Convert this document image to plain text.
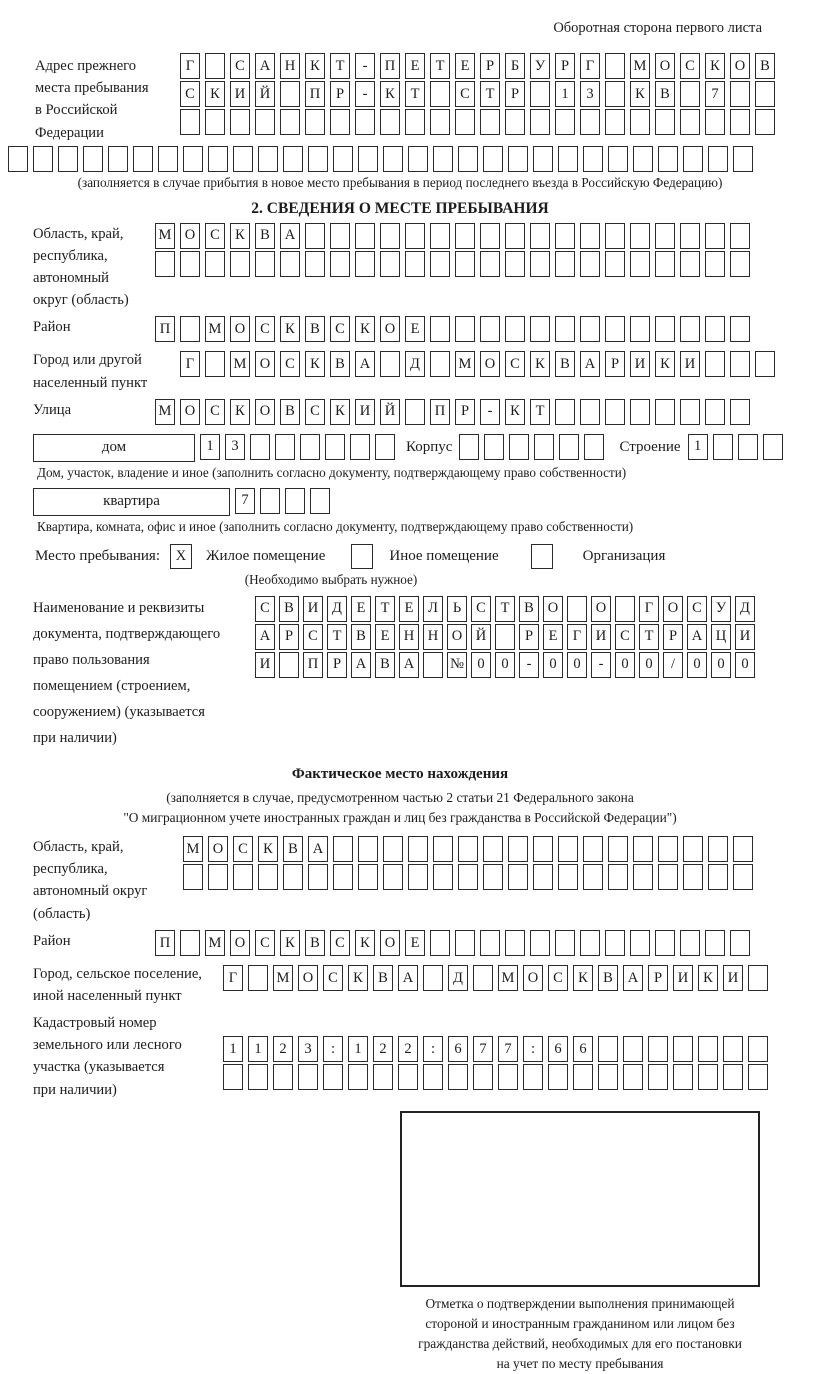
Оборотная сторона первого листа
Адрес прежнего
места пребывания
в Российской
Федерации
Г	С	А	Н	К	Т	-	П	Е	Т	Е	Р	Б	У	Р	Г	М О	С	К	О	В
С	К	И	Й	П	Р	-	К	Т	С	Т	Р	1	3	К	В	7
(заполняется в случае прибытия в новое место пребывания в период последнего въезда в Российскую Федерацию)
2. СВЕДЕНИЯ О МЕСТЕ ПРЕБЫВАНИЯ
Область, край,
республика,
автономный
округ (область)
М О	С	К	В	А
Район	П	М О	С	К	В	С	К	О	Е
Город или другой
населенный пункт
Г	М О	С	К	В	А	Д	М О	С	К	В	А	Р	И	К	И
Улица	М О	С	К	О	В	С	К	И	Й	П	Р	-	К	Т
дом	1	3	Корпус	Строение 1
Дом, участок, владение и иное (заполнить согласно документу, подтверждающему право собственности)
квартира	7
Квартира, комната, офис и иное (заполнить согласно документу, подтверждающему право собственности)
Место пребывания:	X	Жилое помещение	Иное помещение	Организация
(Необходимо выбрать нужное)
Наименование и реквизиты
документа, подтверждающего
право пользования
помещением (строением,
сооружением) (указывается
при наличии)
С В И Д	Е	Т	Е	Л	Ь	С	Т	В О	О	Г	О С У Д
А	Р	С	Т	В	Е Н Н О Й	Р	Е	Г	И С	Т	Р	А Ц И
И	П	Р	А В А	№ 0	0	-	0	0	-	0	0	/	0	0	0
Фактическое место нахождения
(заполняется в случае, предусмотренном частью 2 статьи 21 Федерального закона
"О миграционном учете иностранных граждан и лиц без гражданства в Российской Федерации")
Область, край,
республика,
автономный округ
(область)
М О	С	К	В	А
Район	П	М О	С	К	В	С	К	О	Е
Город, сельское поселение,
иной населенный пункт
Г	М О	С	К	В	А	Д	М О	С	К	В	А	Р	И	К	И
Кадастровый номер
земельного или лесного
участка (указывается
при наличии)
1	1	2	3	:	1	2	2	:	6	7	7	:	6	6
Отметка о подтверждении выполнения принимающей
стороной и иностранным гражданином или лицом без
гражданства действий, необходимых для его постановки
на учет по месту пребывания
